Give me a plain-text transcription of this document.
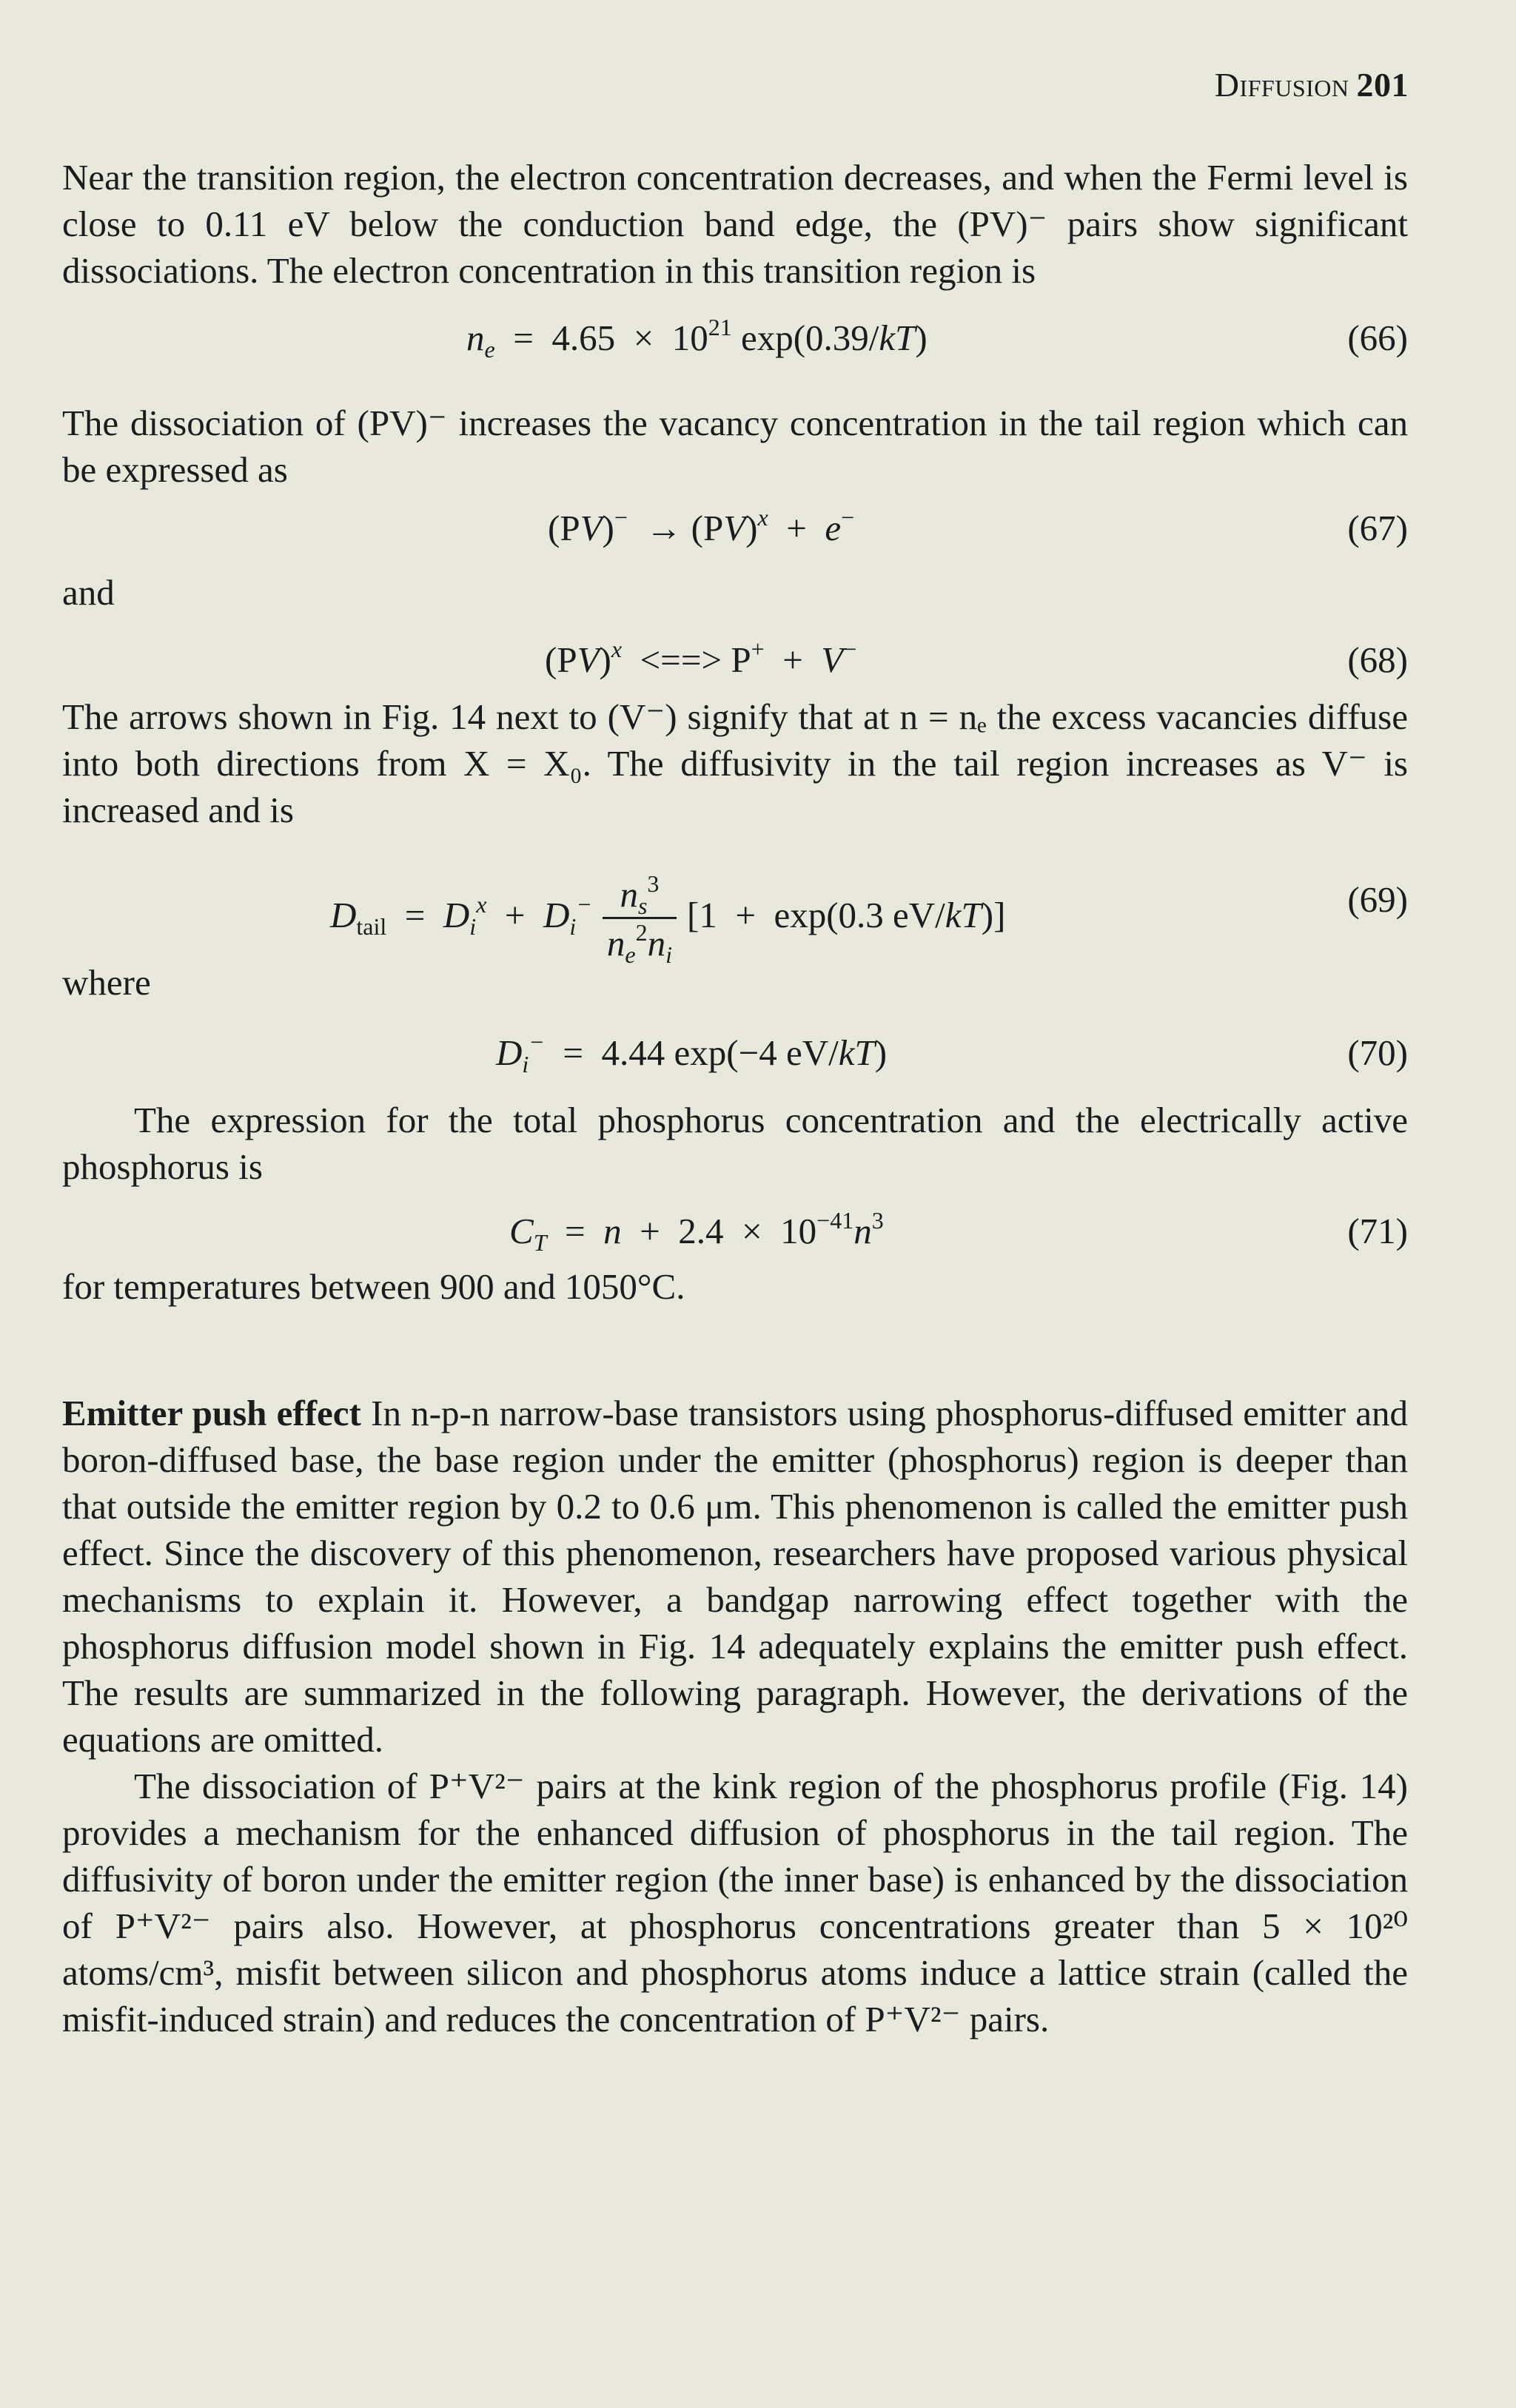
Diffusion 201

Near the transition region, the electron concentration decreases, and when the Fermi level is close to 0.11 eV below the conduction band edge, the (PV)⁻ pairs show significant dissociations. The electron concentration in this transition region is

$n_e = 4.65 \times 10^{21}$ exp(0.39/kT)	(66)

The dissociation of (PV)⁻ increases the vacancy concentration in the tail region which can be expressed as

(PV)−  → (PV)$^x$  +  e−	(67)
and
(PV)$^x$  <==> P+  +  V−	(68)

The arrows shown in Fig. 14 next to (V⁻) signify that at n = nₑ the excess vacancies diffuse into both directions from X = X₀. The diffusivity in the tail region increases as V⁻ is increased and is

$D_{tail} = D_i^x + D_i^- \frac{n_s^3}{n_e^2n_i} [1 + \exp(0.3$ eV/kT)]	(69)
where
$D_i^- = 4.44$ exp(−4 eV/kT)	(70)

The expression for the total phosphorus concentration and the electrically active phosphorus is

$C_T = n + 2.4 \times 10^{-41}n^3$	(71)

for temperatures between 900 and 1050°C.

Emitter push effect In n-p-n narrow-base transistors using phosphorus-diffused emitter and boron-diffused base, the base region under the emitter (phosphorus) region is deeper than that outside the emitter region by 0.2 to 0.6 μm. This phenomenon is called the emitter push effect. Since the discovery of this phenomenon, researchers have proposed various physical mechanisms to explain it. However, a bandgap narrowing effect together with the phosphorus diffusion model shown in Fig. 14 adequately explains the emitter push effect. The results are summarized in the following paragraph. However, the derivations of the equations are omitted.

The dissociation of P⁺V²⁻ pairs at the kink region of the phosphorus profile (Fig. 14) provides a mechanism for the enhanced diffusion of phosphorus in the tail region. The diffusivity of boron under the emitter region (the inner base) is enhanced by the dissociation of P⁺V²⁻ pairs also. However, at phosphorus concentrations greater than 5 × 10²⁰ atoms/cm³, misfit between silicon and phosphorus atoms induce a lattice strain (called the misfit-induced strain) and reduces the concentration of P⁺V²⁻ pairs.
